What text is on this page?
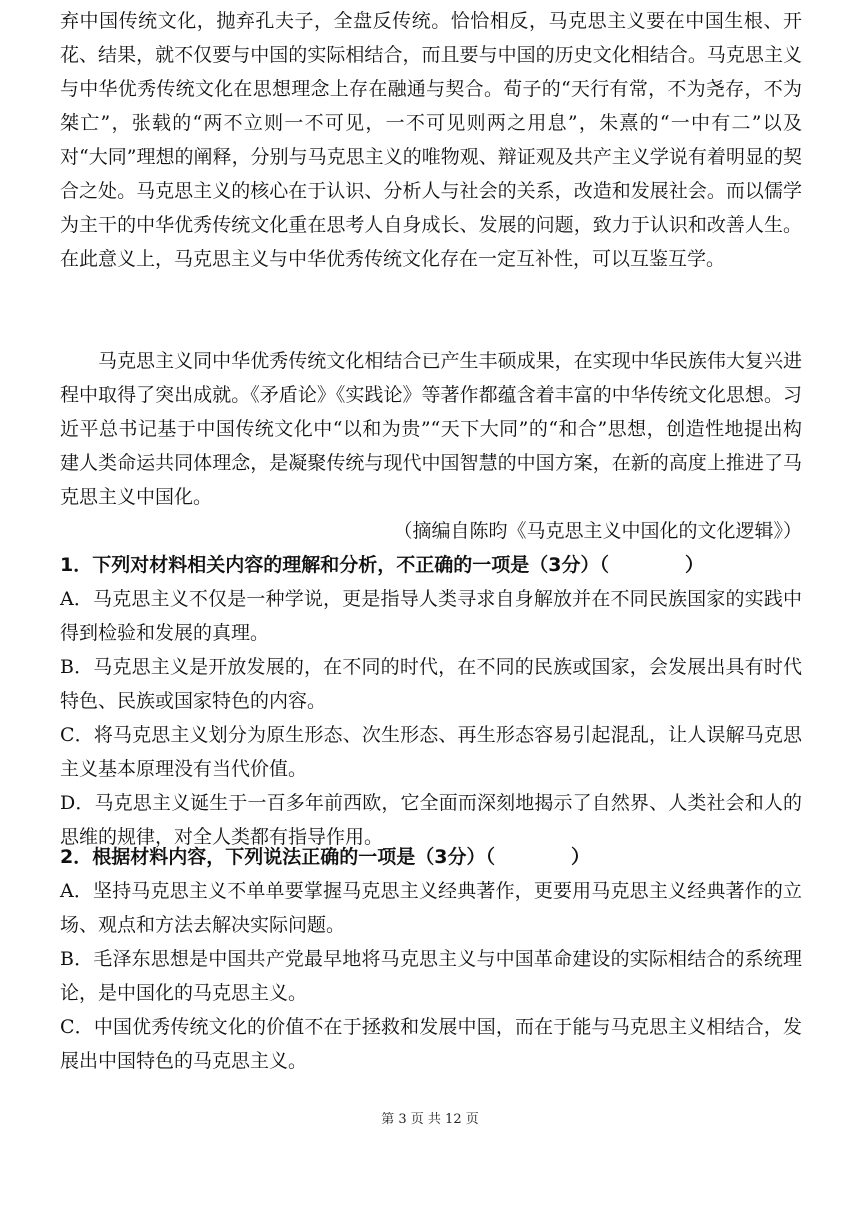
弃中国传统文化，抛弃孔夫子，全盘反传统。恰恰相反，马克思主义要在中国生根、开花、结果，就不仅要与中国的实际相结合，而且要与中国的历史文化相结合。马克思主义与中华优秀传统文化在思想理念上存在融通与契合。荀子的“天行有常，不为尧存，不为桀亡”，张载的“两不立则一不可见，一不可见则两之用息”，朱熹的“一中有二”以及对“大同”理想的阐释，分别与马克思主义的唯物观、辩证观及共产主义学说有着明显的契合之处。马克思主义的核心在于认识、分析人与社会的关系，改造和发展社会。而以儒学为主干的中华优秀传统文化重在思考人自身成长、发展的问题，致力于认识和改善人生。在此意义上，马克思主义与中华优秀传统文化存在一定互补性，可以互鉴互学。

马克思主义同中华优秀传统文化相结合已产生丰硕成果，在实现中华民族伟大复兴进程中取得了突出成就。《矛盾论》《实践论》等著作都蕴含着丰富的中华传统文化思想。习近平总书记基于中国传统文化中“以和为贵”“天下大同”的“和合”思想，创造性地提出构建人类命运共同体理念，是凝聚传统与现代中国智慧的中国方案，在新的高度上推进了马克思主义中国化。

（摘编自陈昀《马克思主义中国化的文化逻辑》）

1．下列对材料相关内容的理解和分析，不正确的一项是（3分）（　　　　）

A．马克思主义不仅是一种学说，更是指导人类寻求自身解放并在不同民族国家的实践中得到检验和发展的真理。

B．马克思主义是开放发展的，在不同的时代，在不同的民族或国家，会发展出具有时代特色、民族或国家特色的内容。

C．将马克思主义划分为原生形态、次生形态、再生形态容易引起混乱，让人误解马克思主义基本原理没有当代价值。

D．马克思主义诞生于一百多年前西欧，它全面而深刻地揭示了自然界、人类社会和人的思维的规律，对全人类都有指导作用。

2．根据材料内容，下列说法正确的一项是（3分）（　　　　）

A．坚持马克思主义不单单要掌握马克思主义经典著作，更要用马克思主义经典著作的立场、观点和方法去解决实际问题。

B．毛泽东思想是中国共产党最早地将马克思主义与中国革命建设的实际相结合的系统理论，是中国化的马克思主义。

C．中国优秀传统文化的价值不在于拯救和发展中国，而在于能与马克思主义相结合，发展出中国特色的马克思主义。

第 3 页 共 12 页
